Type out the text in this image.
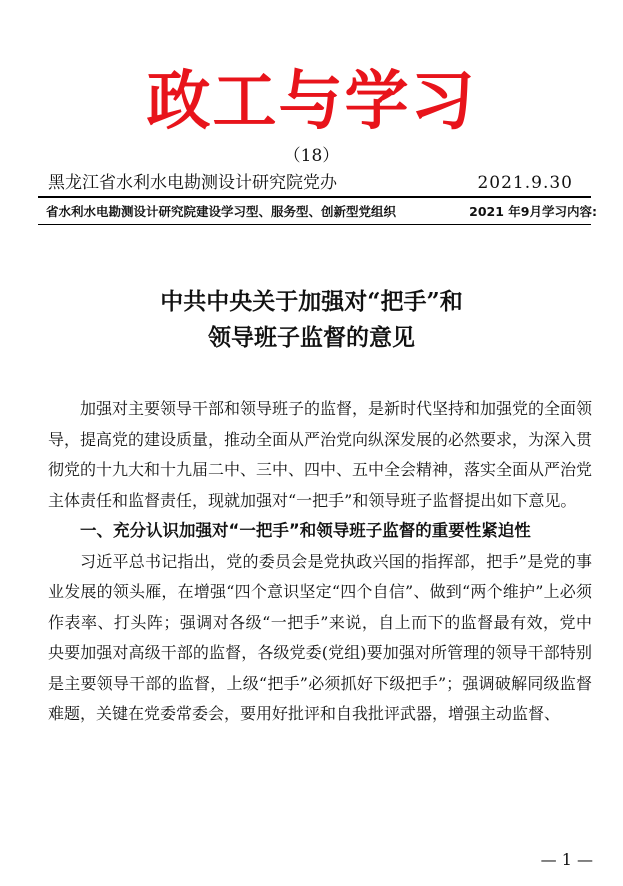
政工与学习
（18）
黑龙江省水利水电勘测设计研究院党办	2021.9.30
省水利水电勘测设计研究院建设学习型、服务型、创新型党组织	2021 年9月学习内容:
中共中央关于加强对“把手”和
领导班子监督的意见

加强对主要领导干部和领导班子的监督，是新时代坚持和加强党的全面领导，提高党的建设质量，推动全面从严治党向纵深发展的必然要求，为深入贯彻党的十九大和十九届二中、三中、四中、五中全会精神，落实全面从严治党主体责任和监督责任，现就加强对“一把手”和领导班子监督提出如下意见。

一、充分认识加强对“一把手”和领导班子监督的重要性紧迫性

习近平总书记指出，党的委员会是党执政兴国的指挥部，把手”是党的事业发展的领头雁，在增强“四个意识坚定“四个自信”、做到“两个维护”上必须作表率、打头阵；强调对各级“一把手”来说，自上而下的监督最有效，党中央要加强对高级干部的监督，各级党委(党组)要加强对所管理的领导干部特别是主要领导干部的监督，上级“把手”必须抓好下级把手”；强调破解同级监督难题，关键在党委常委会，要用好批评和自我批评武器，增强主动监督、

— 1 —
